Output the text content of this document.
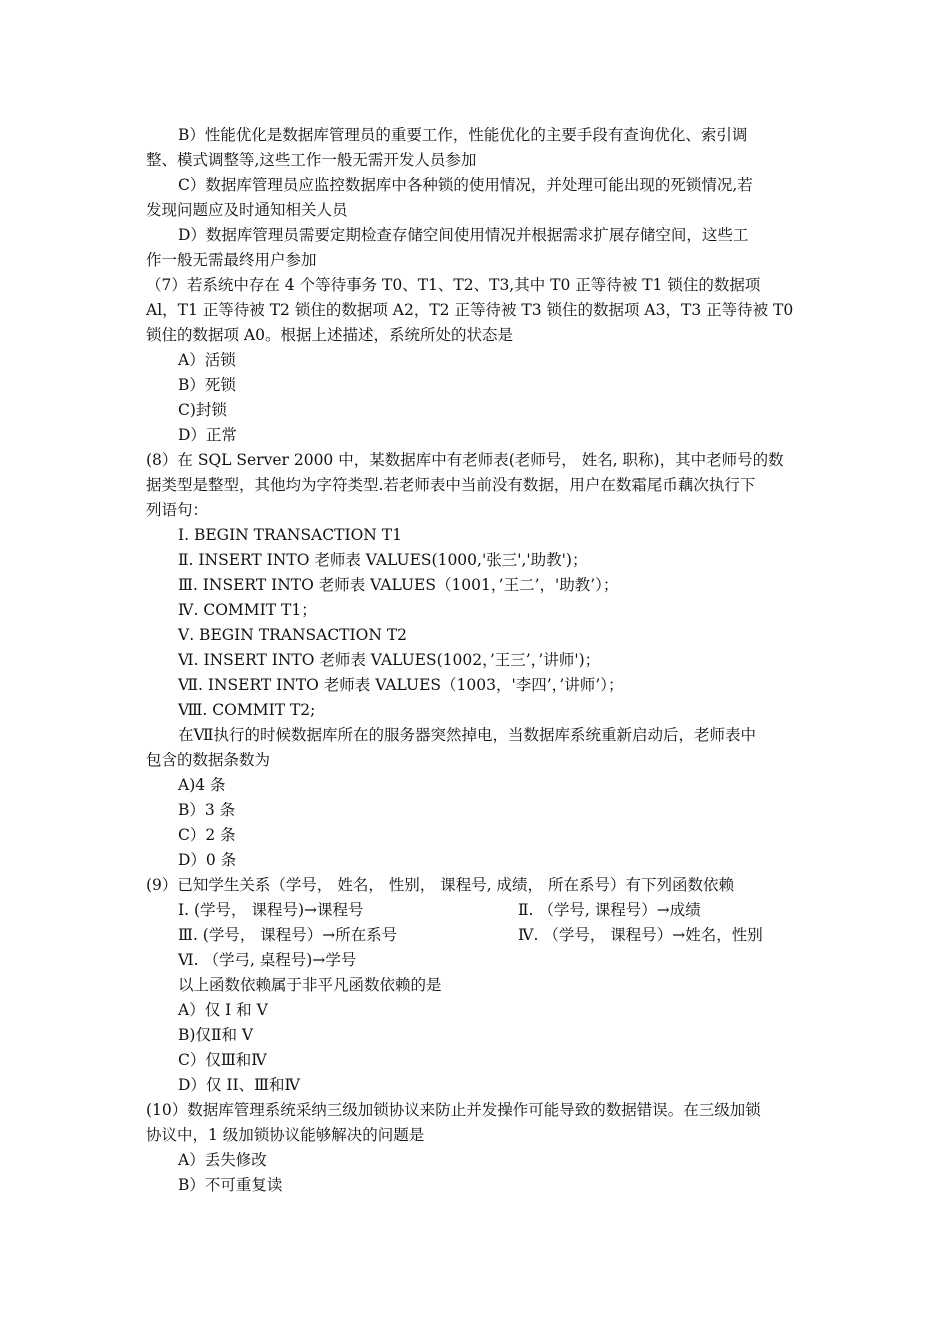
B）性能优化是数据库管理员的重要工作，性能优化的主要手段有查询优化、索引调
整、模式调整等,这些工作一般无需开发人员参加
C）数据库管理员应监控数据库中各种锁的使用情况，并处理可能出现的死锁情况,若
发现问题应及时通知相关人员
D）数据库管理员需要定期检查存储空间使用情况并根据需求扩展存储空间，这些工
作一般无需最终用户参加
（7）若系统中存在 4 个等待事务 T0、T1、T2、T3,其中 T0 正等待被 T1 锁住的数据项
Al，T1 正等待被 T2 锁住的数据项 A2，T2 正等待被 T3 锁住的数据项 A3，T3 正等待被 T0
锁住的数据项 A0。根据上述描述，系统所处的状态是
A）活锁
B）死锁
C)封锁
D）正常
(8）在 SQL Server 2000 中，某数据库中有老师表(老师号， 姓名, 职称)，其中老师号的数
据类型是整型，其他均为字符类型.若老师表中当前没有数据，用户在数霜尾币藕次执行下
列语句：
Ⅰ. BEGIN TRANSACTION T1
Ⅱ. INSERT INTO 老师表 VALUES(1000,'张三','助教')；
Ⅲ. INSERT INTO 老师表 VALUES（1001，’王二’，'助教’）；
Ⅳ. COMMIT T1；
Ⅴ. BEGIN TRANSACTION T2
Ⅵ. INSERT INTO 老师表 VALUES(1002，’王三’，’讲师')；
Ⅶ. INSERT INTO 老师表 VALUES（1003，'李四’，’讲师’）；
Ⅷ. COMMIT T2;
在Ⅶ执行的时候数据库所在的服务器突然掉电，当数据库系统重新启动后，老师表中
包含的数据条数为
A)4 条
B）3 条
C）2 条
D）0 条
(9）已知学生关系（学号， 姓名， 性别， 课程号, 成绩， 所在系号）有下列函数依赖
Ⅰ. (学号， 课程号)→课程号	Ⅱ. （学号, 课程号）→成绩
Ⅲ. (学号， 课程号）→所在系号	Ⅳ. （学号， 课程号）→姓名，性别
Ⅵ. （学弓, 桌程号)→学号
以上函数依赖属于非平凡函数依赖的是
A）仅 I 和 V
B)仅Ⅱ和 V
C）仅Ⅲ和Ⅳ
D）仅 II、Ⅲ和Ⅳ
(10）数据库管理系统采纳三级加锁协议来防止并发操作可能导致的数据错误。在三级加锁
协议中，1 级加锁协议能够解决的问题是
A）丢失修改
B）不可重复读
